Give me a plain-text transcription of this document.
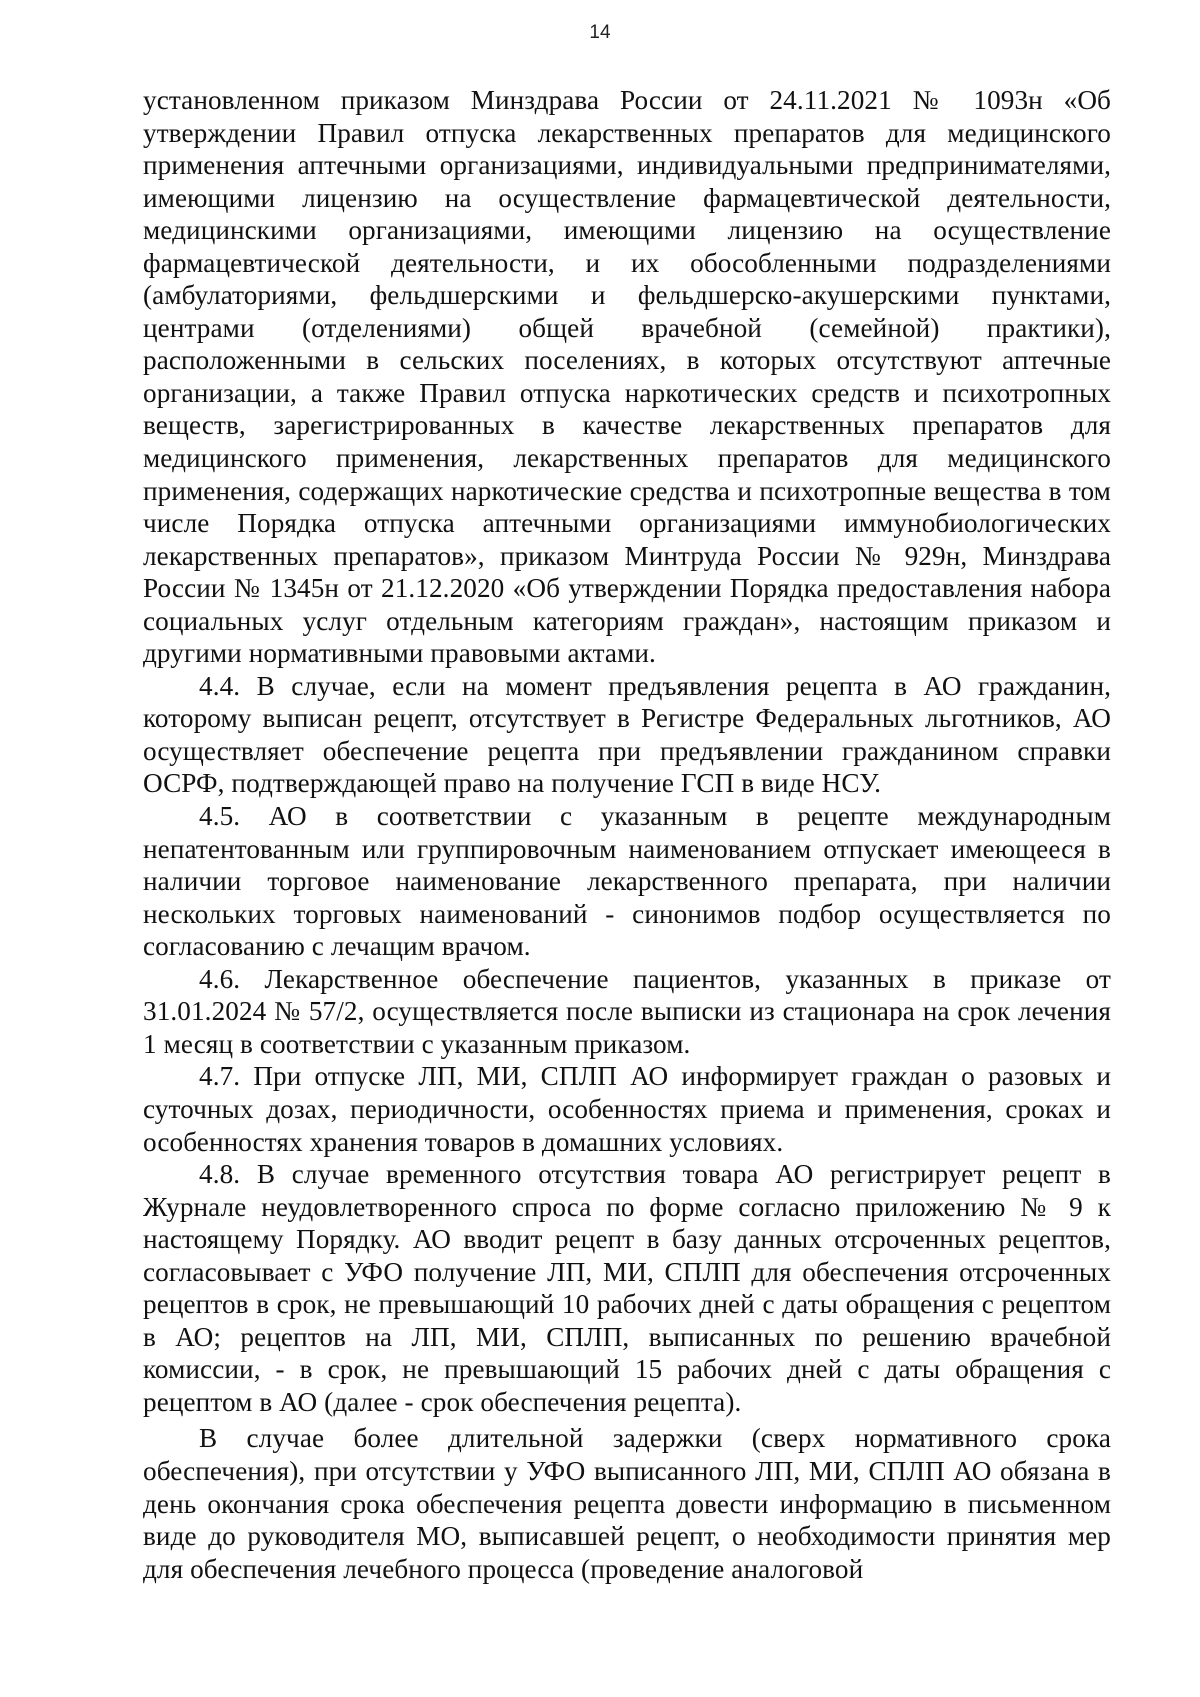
14

установленном приказом Минздрава России от 24.11.2021 № 1093н «Об утверждении Правил отпуска лекарственных препаратов для медицинского применения аптечными организациями, индивидуальными предпринимателями, имеющими лицензию на осуществление фармацевтической деятельности, медицинскими организациями, имеющими лицензию на осуществление фармацевтической деятельности, и их обособленными подразделениями (амбулаториями, фельдшерскими и фельдшерско-акушерскими пунктами, центрами (отделениями) общей врачебной (семейной) практики), расположенными в сельских поселениях, в которых отсутствуют аптечные организации, а также Правил отпуска наркотических средств и психотропных веществ, зарегистрированных в качестве лекарственных препаратов для медицинского применения, лекарственных препаратов для медицинского применения, содержащих наркотические средства и психотропные вещества в том числе Порядка отпуска аптечными организациями иммунобиологических лекарственных препаратов», приказом Минтруда России № 929н, Минздрава России № 1345н от 21.12.2020 «Об утверждении Порядка предоставления набора социальных услуг отдельным категориям граждан», настоящим приказом и другими нормативными правовыми актами.

4.4. В случае, если на момент предъявления рецепта в АО гражданин, которому выписан рецепт, отсутствует в Регистре Федеральных льготников, АО осуществляет обеспечение рецепта при предъявлении гражданином справки ОСРФ, подтверждающей право на получение ГСП в виде НСУ.

4.5. АО в соответствии с указанным в рецепте международным непатентованным или группировочным наименованием отпускает имеющееся в наличии торговое наименование лекарственного препарата, при наличии нескольких торговых наименований - синонимов подбор осуществляется по согласованию с лечащим врачом.

4.6. Лекарственное обеспечение пациентов, указанных в приказе от 31.01.2024 № 57/2, осуществляется после выписки из стационара на срок лечения 1 месяц в соответствии с указанным приказом.

4.7. При отпуске ЛП, МИ, СПЛП АО информирует граждан о разовых и суточных дозах, периодичности, особенностях приема и применения, сроках и особенностях хранения товаров в домашних условиях.

4.8. В случае временного отсутствия товара АО регистрирует рецепт в Журнале неудовлетворенного спроса по форме согласно приложению № 9 к настоящему Порядку. АО вводит рецепт в базу данных отсроченных рецептов, согласовывает с УФО получение ЛП, МИ, СПЛП для обеспечения отсроченных рецептов в срок, не превышающий 10 рабочих дней с даты обращения с рецептом в АО; рецептов на ЛП, МИ, СПЛП, выписанных по решению врачебной комиссии, - в срок, не превышающий 15 рабочих дней с даты обращения с рецептом в АО (далее - срок обеспечения рецепта).

В случае более длительной задержки (сверх нормативного срока обеспечения), при отсутствии у УФО выписанного ЛП, МИ, СПЛП АО обязана в день окончания срока обеспечения рецепта довести информацию в письменном виде до руководителя МО, выписавшей рецепт, о необходимости принятия мер для обеспечения лечебного процесса (проведение аналоговой
